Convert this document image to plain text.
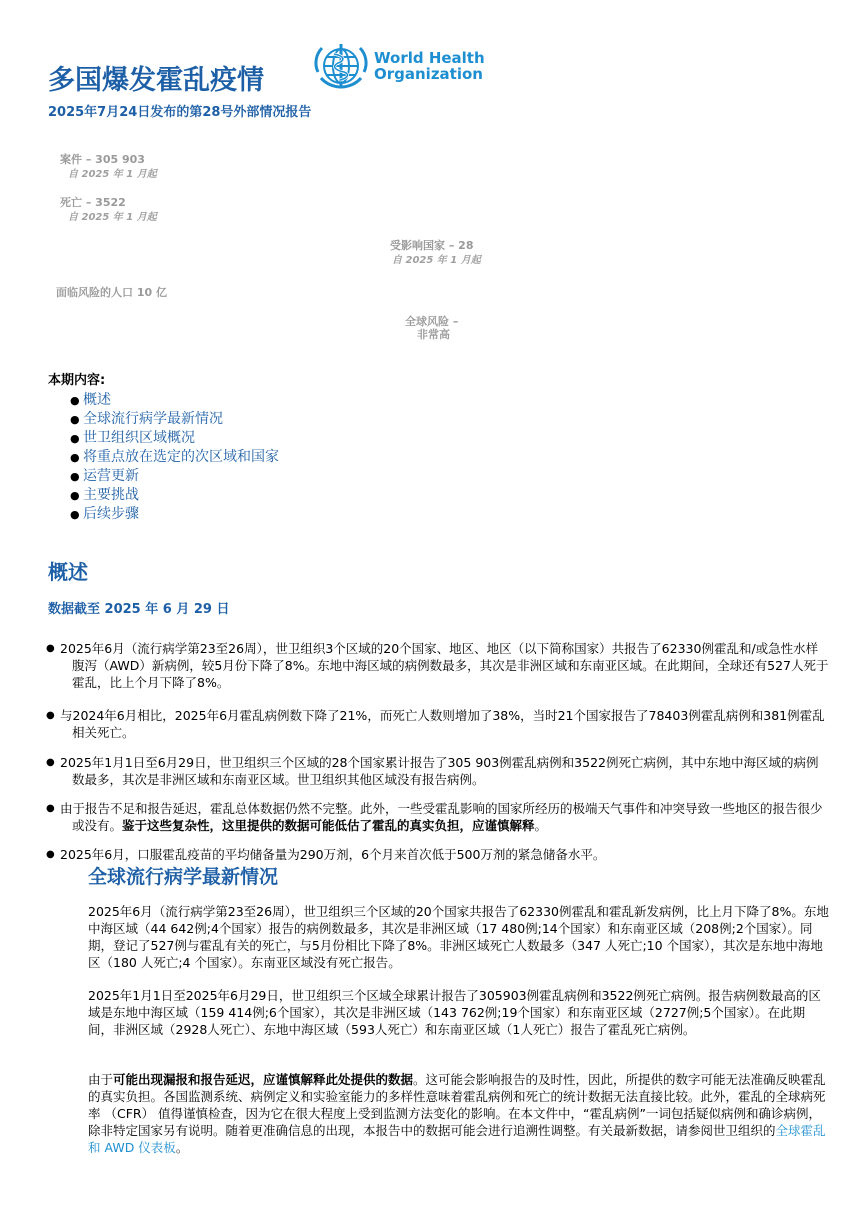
多国爆发霍乱疫情
World Health
Organization
2025年7月24日发布的第28号外部情况报告
案件 – 305 903
自 2025 年 1 月起
死亡 – 3522
自 2025 年 1 月起
受影响国家 – 28
自 2025 年 1 月起
面临风险的人口 10 亿
全球风险 –
非常高
本期内容:
● 概述
● 全球流行病学最新情况
● 世卫组织区域概况
● 将重点放在选定的次区域和国家
● 运营更新
● 主要挑战
● 后续步骤
概述
数据截至 2025 年 6 月 29 日
● 2025年6月（流行病学第23至26周），世卫组织3个区域的20个国家、地区、地区（以下简称国家）共报告了62330例霍乱和/或急性水样腹泻（AWD）新病例，较5月份下降了8%。东地中海区域的病例数最多，其次是非洲区域和东南亚区域。在此期间，全球还有527人死于霍乱，比上个月下降了8%。
● 与2024年6月相比，2025年6月霍乱病例数下降了21%，而死亡人数则增加了38%，当时21个国家报告了78403例霍乱病例和381例霍乱相关死亡。
● 2025年1月1日至6月29日，世卫组织三个区域的28个国家累计报告了305 903例霍乱病例和3522例死亡病例，其中东地中海区域的病例数最多，其次是非洲区域和东南亚区域。世卫组织其他区域没有报告病例。
● 由于报告不足和报告延迟，霍乱总体数据仍然不完整。此外，一些受霍乱影响的国家所经历的极端天气事件和冲突导致一些地区的报告很少或没有。鉴于这些复杂性，这里提供的数据可能低估了霍乱的真实负担，应谨慎解释。
● 2025年6月，口服霍乱疫苗的平均储备量为290万剂，6个月来首次低于500万剂的紧急储备水平。
全球流行病学最新情况
2025年6月（流行病学第23至26周），世卫组织三个区域的20个国家共报告了62330例霍乱和霍乱新发病例，比上月下降了8%。东地中海区域（44 642例;4个国家）报告的病例数最多，其次是非洲区域（17 480例;14个国家）和东南亚区域（208例;2个国家）。同期，登记了527例与霍乱有关的死亡，与5月份相比下降了8%。非洲区域死亡人数最多（347 人死亡;10 个国家），其次是东地中海地区（180 人死亡;4 个国家）。东南亚区域没有死亡报告。
2025年1月1日至2025年6月29日，世卫组织三个区域全球累计报告了305903例霍乱病例和3522例死亡病例。报告病例数最高的区域是东地中海区域（159 414例;6个国家），其次是非洲区域（143 762例;19个国家）和东南亚区域（2727例;5个国家）。在此期间，非洲区域（2928人死亡）、东地中海区域（593人死亡）和东南亚区域（1人死亡）报告了霍乱死亡病例。
由于可能出现漏报和报告延迟，应谨慎解释此处提供的数据。这可能会影响报告的及时性，因此，所提供的数字可能无法准确反映霍乱的真实负担。各国监测系统、病例定义和实验室能力的多样性意味着霍乱病例和死亡的统计数据无法直接比较。此外，霍乱的全球病死率 （CFR） 值得谨慎检查，因为它在很大程度上受到监测方法变化的影响。在本文件中，“霍乱病例”一词包括疑似病例和确诊病例，除非特定国家另有说明。随着更准确信息的出现，本报告中的数据可能会进行追溯性调整。有关最新数据，请参阅世卫组织的全球霍乱和 AWD 仪表板。
